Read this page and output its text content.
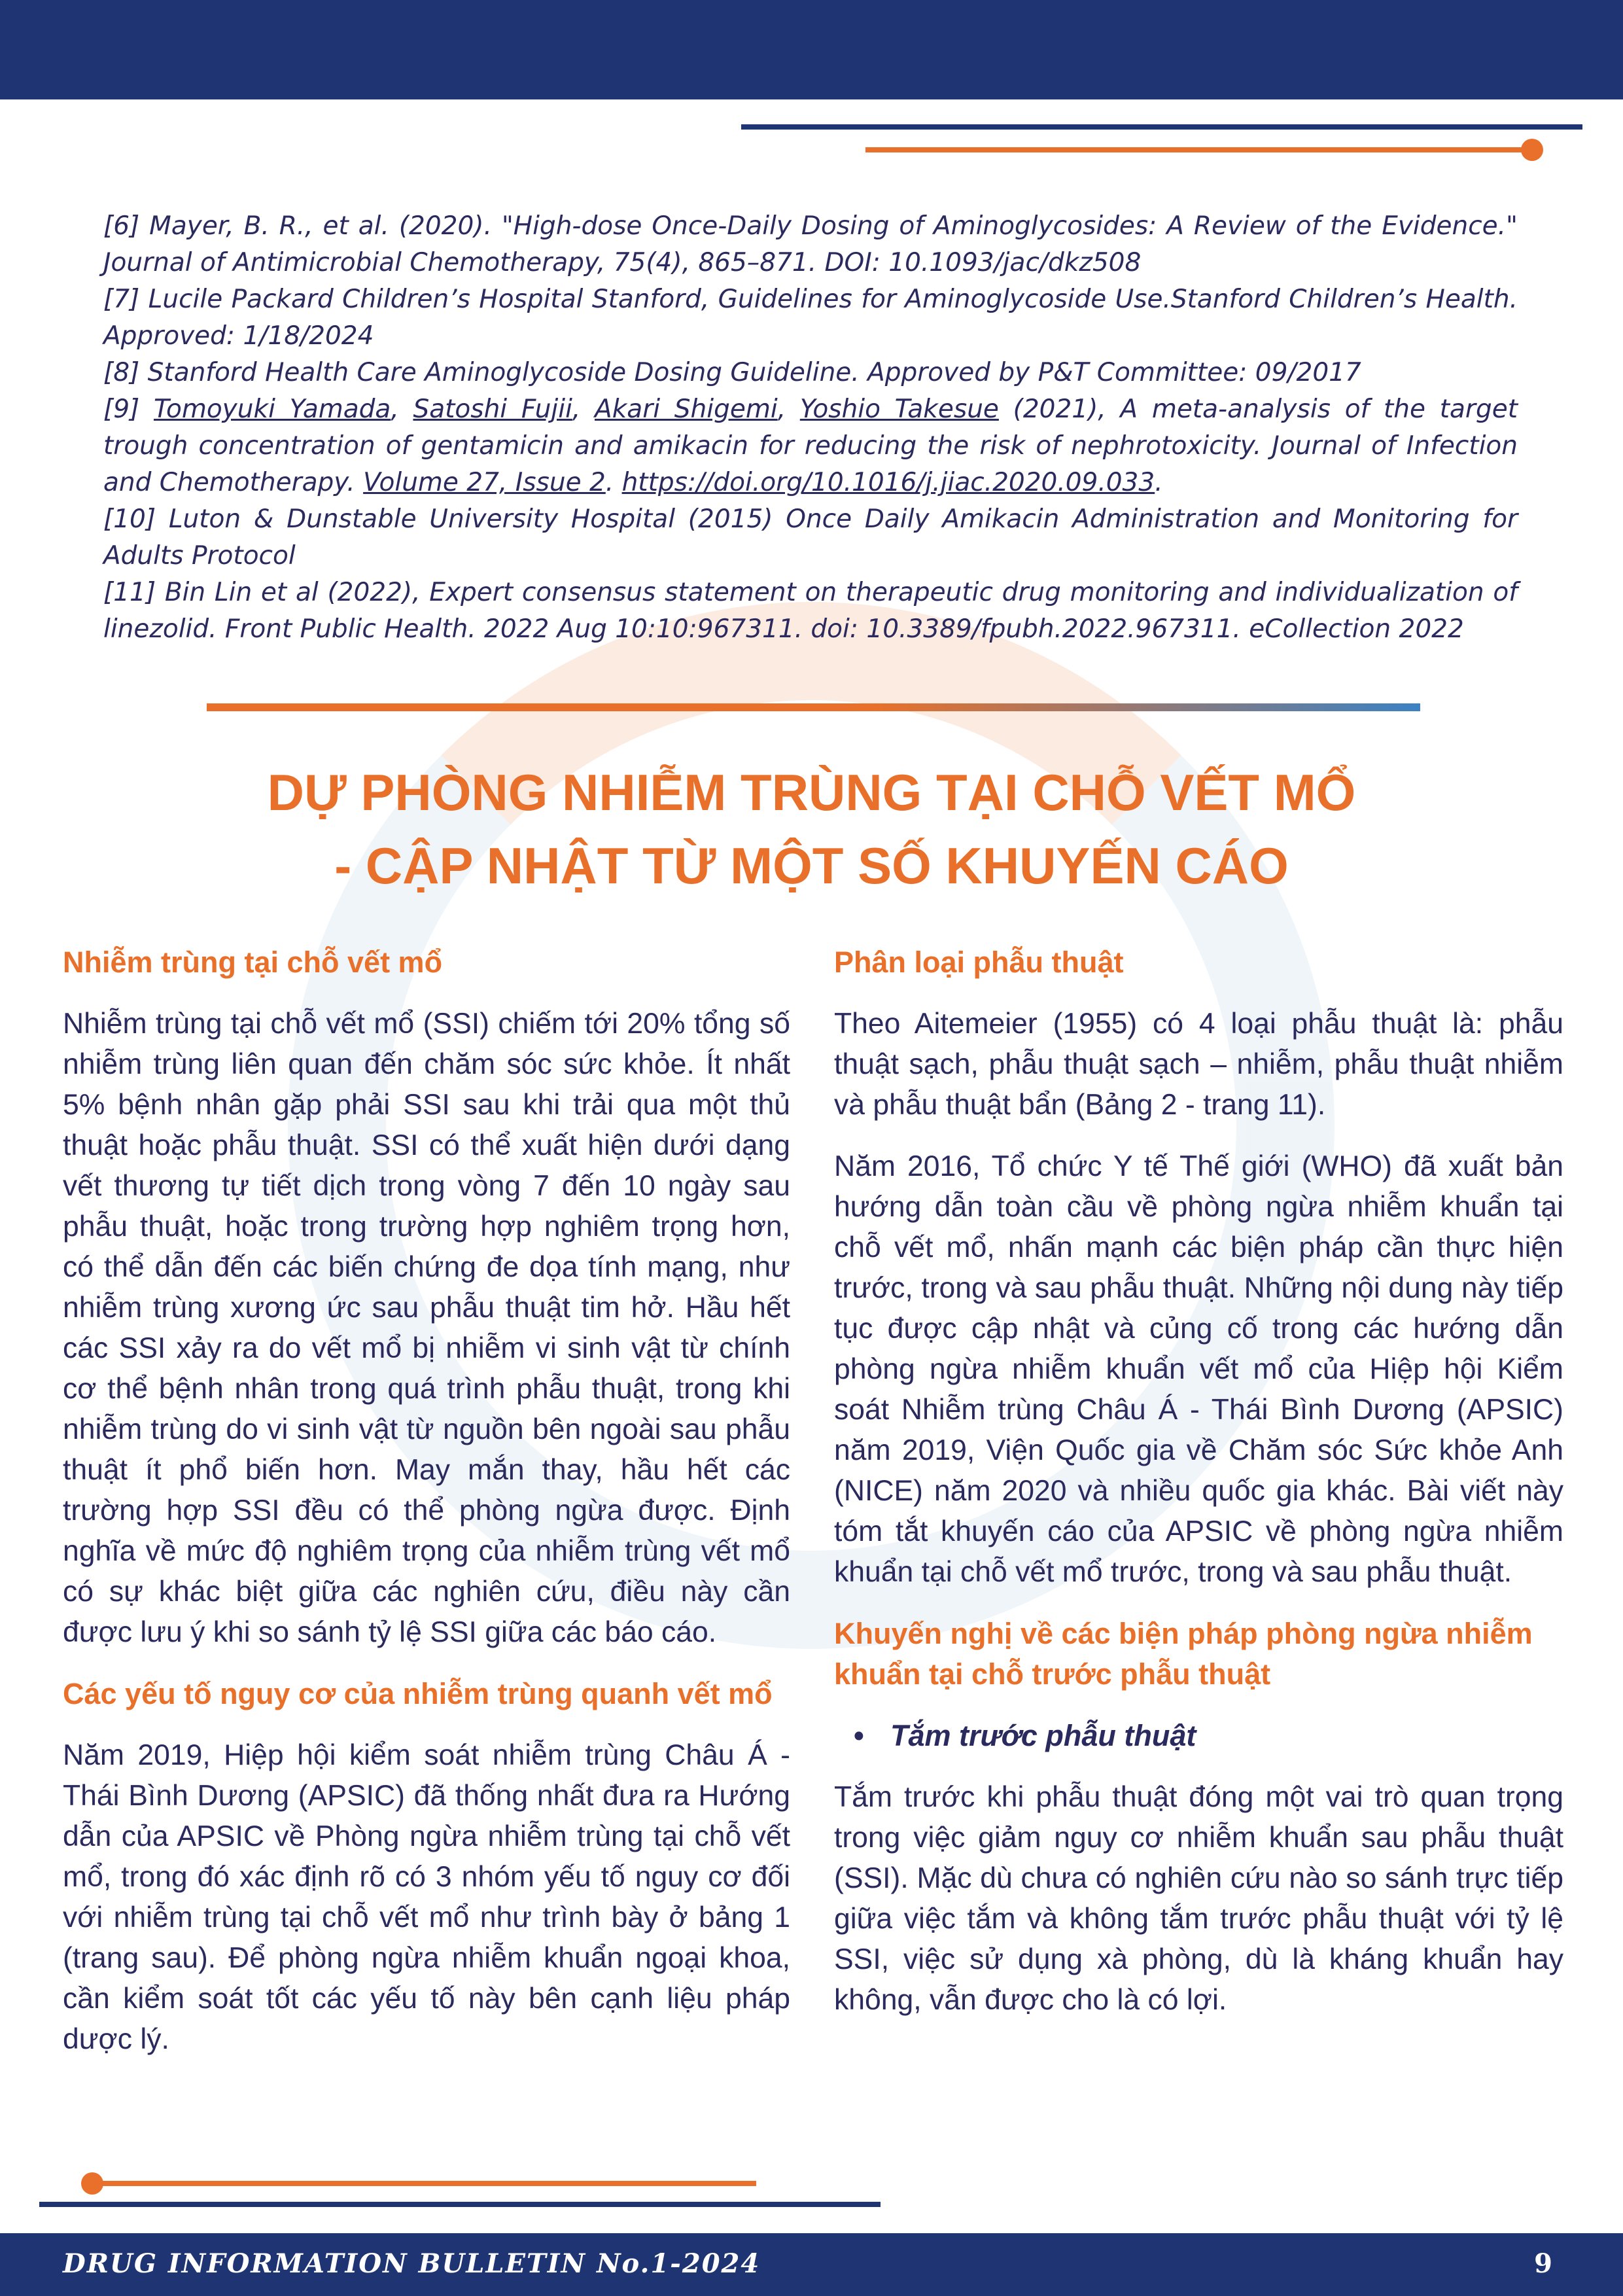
[6] Mayer, B. R., et al. (2020). "High-dose Once-Daily Dosing of Aminoglycosides: A Review of the Evidence." Journal of Antimicrobial Chemotherapy, 75(4), 865–871. DOI: 10.1093/jac/dkz508

[7] Lucile Packard Children’s Hospital Stanford, Guidelines for Aminoglycoside Use.Stanford Children’s Health. Approved: 1/18/2024

[8] Stanford Health Care Aminoglycoside Dosing Guideline. Approved by P&T Committee: 09/2017

[9] Tomoyuki Yamada, Satoshi Fujii, Akari Shigemi, Yoshio Takesue (2021), A meta-analysis of the target trough concentration of gentamicin and amikacin for reducing the risk of nephrotoxicity. Journal of Infection and Chemotherapy. Volume 27, Issue 2. https://doi.org/10.1016/j.jiac.2020.09.033.

[10] Luton & Dunstable University Hospital (2015) Once Daily Amikacin Administration and Monitoring for Adults Protocol

[11] Bin Lin et al (2022), Expert consensus statement on therapeutic drug monitoring and individualization of linezolid. Front Public Health. 2022 Aug 10:10:967311. doi: 10.3389/fpubh.2022.967311. eCollection 2022

DỰ PHÒNG NHIỄM TRÙNG TẠI CHỖ VẾT MỔ
- CẬP NHẬT TỪ MỘT SỐ KHUYẾN CÁO
Nhiễm trùng tại chỗ vết mổ
Nhiễm trùng tại chỗ vết mổ (SSI) chiếm tới 20% tổng số nhiễm trùng liên quan đến chăm sóc sức khỏe. Ít nhất 5% bệnh nhân gặp phải SSI sau khi trải qua một thủ thuật hoặc phẫu thuật. SSI có thể xuất hiện dưới dạng vết thương tự tiết dịch trong vòng 7 đến 10 ngày sau phẫu thuật, hoặc trong trường hợp nghiêm trọng hơn, có thể dẫn đến các biến chứng đe dọa tính mạng, như nhiễm trùng xương ức sau phẫu thuật tim hở. Hầu hết các SSI xảy ra do vết mổ bị nhiễm vi sinh vật từ chính cơ thể bệnh nhân trong quá trình phẫu thuật, trong khi nhiễm trùng do vi sinh vật từ nguồn bên ngoài sau phẫu thuật ít phổ biến hơn. May mắn thay, hầu hết các trường hợp SSI đều có thể phòng ngừa được. Định nghĩa về mức độ nghiêm trọng của nhiễm trùng vết mổ có sự khác biệt giữa các nghiên cứu, điều này cần được lưu ý khi so sánh tỷ lệ SSI giữa các báo cáo.
Các yếu tố nguy cơ của nhiễm trùng quanh vết mổ
Năm 2019, Hiệp hội kiểm soát nhiễm trùng Châu Á - Thái Bình Dương (APSIC) đã thống nhất đưa ra Hướng dẫn của APSIC về Phòng ngừa nhiễm trùng tại chỗ vết mổ, trong đó xác định rõ có 3 nhóm yếu tố nguy cơ đối với nhiễm trùng tại chỗ vết mổ như trình bày ở bảng 1 (trang sau). Để phòng ngừa nhiễm khuẩn ngoại khoa, cần kiểm soát tốt các yếu tố này bên cạnh liệu pháp dược lý.
Phân loại phẫu thuật
Theo Aitemeier (1955) có 4 loại phẫu thuật là: phẫu thuật sạch, phẫu thuật sạch – nhiễm, phẫu thuật nhiễm và phẫu thuật bẩn (Bảng 2 - trang 11).
Năm 2016, Tổ chức Y tế Thế giới (WHO) đã xuất bản hướng dẫn toàn cầu về phòng ngừa nhiễm khuẩn tại chỗ vết mổ, nhấn mạnh các biện pháp cần thực hiện trước, trong và sau phẫu thuật. Những nội dung này tiếp tục được cập nhật và củng cố trong các hướng dẫn phòng ngừa nhiễm khuẩn vết mổ của Hiệp hội Kiểm soát Nhiễm trùng Châu Á - Thái Bình Dương (APSIC) năm 2019, Viện Quốc gia về Chăm sóc Sức khỏe Anh (NICE) năm 2020 và nhiều quốc gia khác. Bài viết này tóm tắt khuyến cáo của APSIC về phòng ngừa nhiễm khuẩn tại chỗ vết mổ trước, trong và sau phẫu thuật.
Khuyến nghị về các biện pháp phòng ngừa nhiễm khuẩn tại chỗ trước phẫu thuật
• Tắm trước phẫu thuật
Tắm trước khi phẫu thuật đóng một vai trò quan trọng trong việc giảm nguy cơ nhiễm khuẩn sau phẫu thuật (SSI). Mặc dù chưa có nghiên cứu nào so sánh trực tiếp giữa việc tắm và không tắm trước phẫu thuật với tỷ lệ SSI, việc sử dụng xà phòng, dù là kháng khuẩn hay không, vẫn được cho là có lợi.
DRUG INFORMATION BULLETIN No.1-2024	9
